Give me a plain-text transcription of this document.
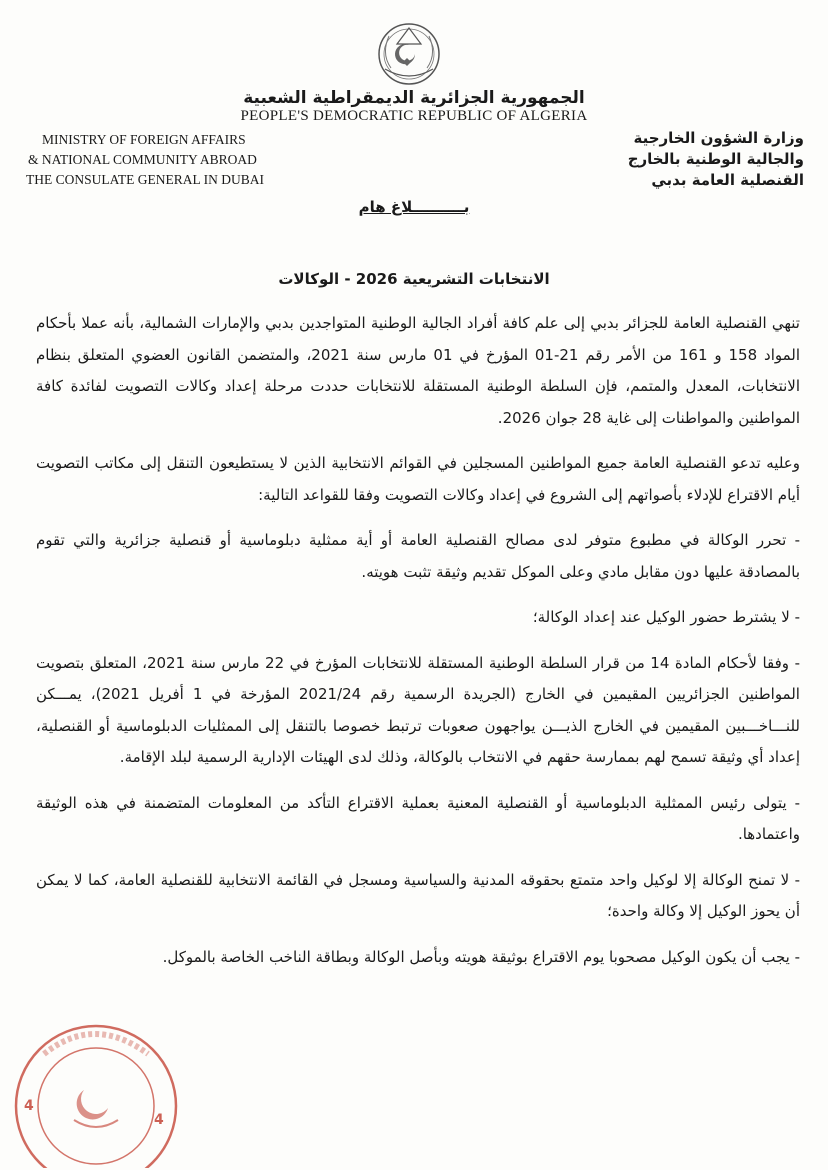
الجمهورية الجزائرية الديمقراطية الشعبية
PEOPLE'S DEMOCRATIC REPUBLIC OF ALGERIA
MINISTRY OF FOREIGN AFFAIRS
& NATIONAL COMMUNITY ABROAD
THE CONSULATE GENERAL IN DUBAI
وزارة الشؤون الخارجية
والجالية الوطنية بالخارج
القنصلية العامة بدبي
بــــــــــلاغ هام
الانتخابات التشريعية 2026 - الوكالات

تنهي القنصلية العامة للجزائر بدبي إلى علم كافة أفراد الجالية الوطنية المتواجدين بدبي والإمارات الشمالية، بأنه عملا بأحكام المواد 158 و 161 من الأمر رقم 21-01 المؤرخ في 01 مارس سنة 2021، والمتضمن القانون العضوي المتعلق بنظام الانتخابات، المعدل والمتمم، فإن السلطة الوطنية المستقلة للانتخابات حددت مرحلة إعداد وكالات التصويت لفائدة كافة المواطنين والمواطنات إلى غاية 28 جوان 2026.

وعليه تدعو القنصلية العامة جميع المواطنين المسجلين في القوائم الانتخابية الذين لا يستطيعون التنقل إلى مكاتب التصويت أيام الاقتراع للإدلاء بأصواتهم إلى الشروع في إعداد وكالات التصويت وفقا للقواعد التالية:

- تحرر الوكالة في مطبوع متوفر لدى مصالح القنصلية العامة أو أية ممثلية دبلوماسية أو قنصلية جزائرية والتي تقوم بالمصادقة عليها دون مقابل مادي وعلى الموكل تقديم وثيقة تثبت هويته.

- لا يشترط حضور الوكيل عند إعداد الوكالة؛

- وفقا لأحكام المادة 14 من قرار السلطة الوطنية المستقلة للانتخابات المؤرخ في 22 مارس سنة 2021، المتعلق بتصويت المواطنين الجزائريين المقيمين في الخارج (الجريدة الرسمية رقم 2021/24 المؤرخة في 1 أفريل 2021)، يمـــكن للنـــاخـــبين المقيمين في الخارج الذيـــن يواجهون صعوبات ترتبط خصوصا بالتنقل إلى الممثليات الدبلوماسية أو القنصلية، إعداد أي وثيقة تسمح لهم بممارسة حقهم في الانتخاب بالوكالة، وذلك لدى الهيئات الإدارية الرسمية لبلد الإقامة.

- يتولى رئيس الممثلية الدبلوماسية أو القنصلية المعنية بعملية الاقتراع التأكد من المعلومات المتضمنة في هذه الوثيقة واعتمادها.

- لا تمنح الوكالة إلا لوكيل واحد متمتع بحقوقه المدنية والسياسية ومسجل في القائمة الانتخابية للقنصلية العامة، كما لا يمكن أن يحوز الوكيل إلا وكالة واحدة؛

- يجب أن يكون الوكيل مصحوبا يوم الاقتراع بوثيقة هويته وبأصل الوكالة وبطاقة الناخب الخاصة بالموكل.

4
4
